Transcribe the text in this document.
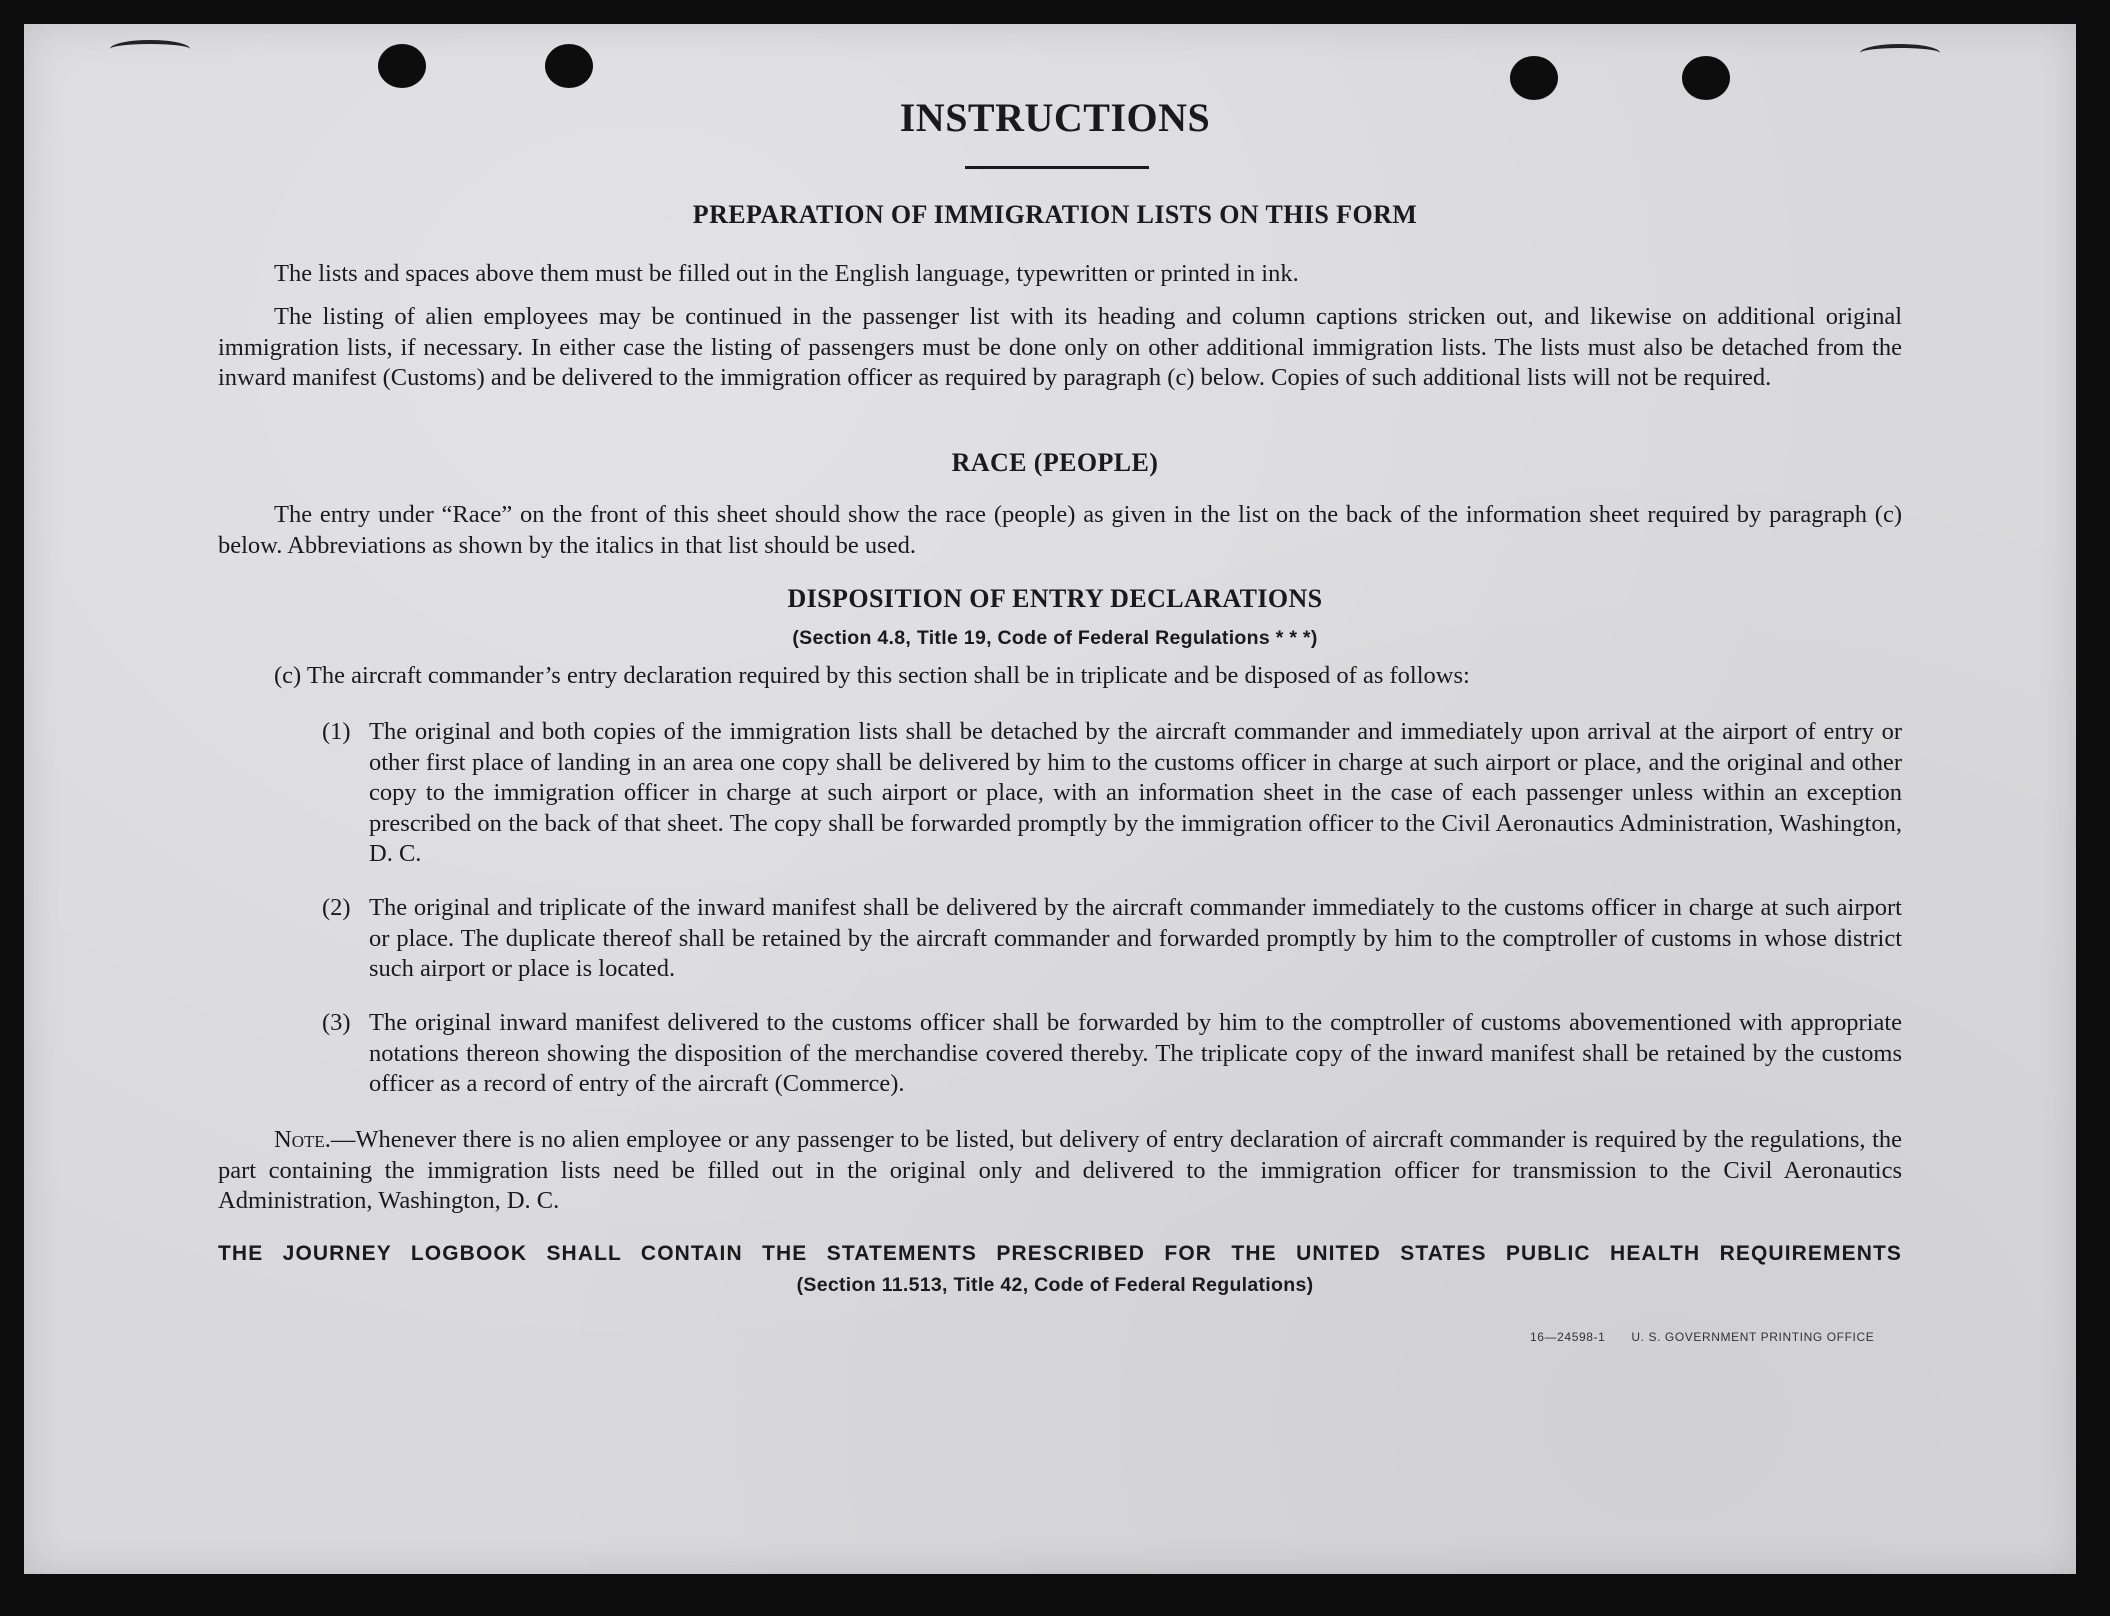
INSTRUCTIONS
PREPARATION OF IMMIGRATION LISTS ON THIS FORM
The lists and spaces above them must be filled out in the English language, typewritten or printed in ink.
The listing of alien employees may be continued in the passenger list with its heading and column captions stricken out, and likewise on additional original immigration lists, if necessary. In either case the listing of passengers must be done only on other additional immigration lists. The lists must also be detached from the inward manifest (Customs) and be delivered to the immigration officer as required by paragraph (c) below. Copies of such additional lists will not be required.
RACE (PEOPLE)
The entry under “Race” on the front of this sheet should show the race (people) as given in the list on the back of the information sheet required by paragraph (c) below. Abbreviations as shown by the italics in that list should be used.
DISPOSITION OF ENTRY DECLARATIONS
(Section 4.8, Title 19, Code of Federal Regulations * * *)
(c) The aircraft commander’s entry declaration required by this section shall be in triplicate and be disposed of as follows:
(1) The original and both copies of the immigration lists shall be detached by the aircraft commander and immediately upon arrival at the airport of entry or other first place of landing in an area one copy shall be delivered by him to the customs officer in charge at such airport or place, and the original and other copy to the immigration officer in charge at such airport or place, with an information sheet in the case of each passenger unless within an exception prescribed on the back of that sheet. The copy shall be forwarded promptly by the immigration officer to the Civil Aeronautics Administration, Washington, D. C.
(2) The original and triplicate of the inward manifest shall be delivered by the aircraft commander immediately to the customs officer in charge at such airport or place. The duplicate thereof shall be retained by the aircraft commander and forwarded promptly by him to the comptroller of customs in whose district such airport or place is located.
(3) The original inward manifest delivered to the customs officer shall be forwarded by him to the comptroller of customs abovementioned with appropriate notations thereon showing the disposition of the merchandise covered thereby. The triplicate copy of the inward manifest shall be retained by the customs officer as a record of entry of the aircraft (Commerce).
Note.—Whenever there is no alien employee or any passenger to be listed, but delivery of entry declaration of aircraft commander is required by the regulations, the part containing the immigration lists need be filled out in the original only and delivered to the immigration officer for transmission to the Civil Aeronautics Administration, Washington, D. C.
THE JOURNEY LOGBOOK SHALL CONTAIN THE STATEMENTS PRESCRIBED FOR THE UNITED STATES PUBLIC HEALTH REQUIREMENTS
(Section 11.513, Title 42, Code of Federal Regulations)
16—24598-1 U. S. GOVERNMENT PRINTING OFFICE
